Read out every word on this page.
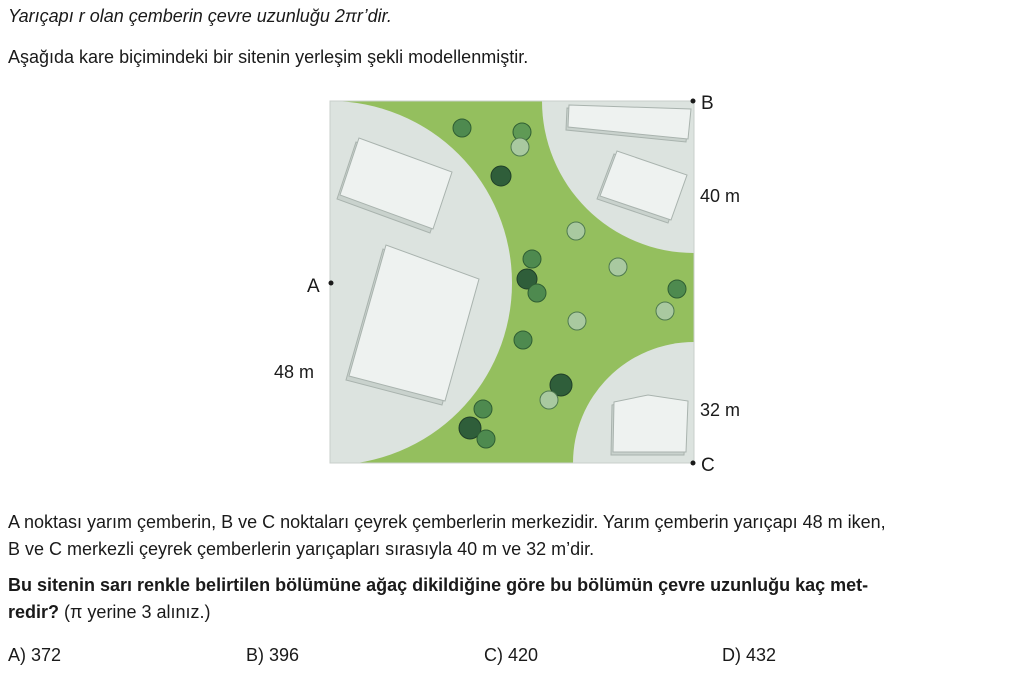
Yarıçapı r olan çemberin çevre uzunluğu 2πr’dir.
Aşağıda kare biçimindeki bir sitenin yerleşim şekli modellenmiştir.
A
B
C
48 m
40 m
32 m
A noktası yarım çemberin, B ve C noktaları çeyrek çemberlerin merkezidir. Yarım çemberin yarıçapı 48 m iken,
B ve C merkezli çeyrek çemberlerin yarıçapları sırasıyla 40 m ve 32 m’dir.
Bu sitenin sarı renkle belirtilen bölümüne ağaç dikildiğine göre bu bölümün çevre uzunluğu kaç met-
redir? (π yerine 3 alınız.)
A) 372	B) 396	C) 420	D) 432
